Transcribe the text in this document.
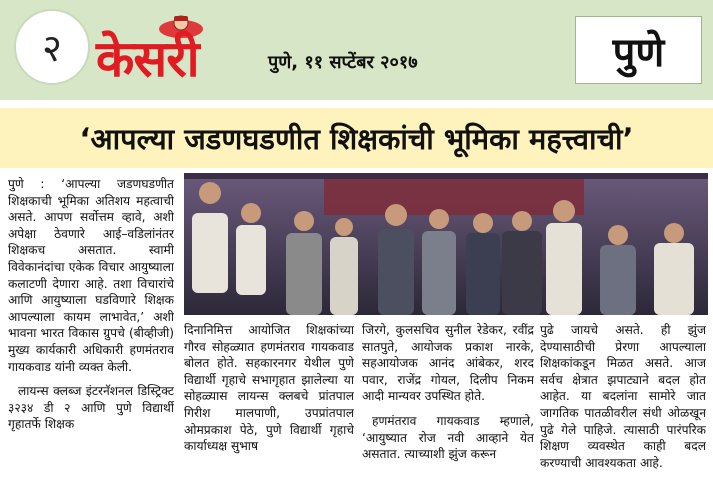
२ केसरी	पुणे, ११ सप्टेंबर २०१७	पुणे
‘आपल्या जडणघडणीत शिक्षकांची भूमिका महत्त्वाची’

पुणे : ‘आपल्या जडणघडणीत शिक्षकाची भूमिका अतिशय महत्वाची असते. आपण सर्वोत्तम व्हावे, अशी अपेक्षा ठेवणारे आई–वडिलांनंतर शिक्षकच असतात. स्वामी विवेकानंदांचा एकेक विचार आयुष्याला कलाटणी देणारा आहे. तशा विचारांचे आणि आयुष्याला घडविणारे शिक्षक आपल्याला कायम लाभावेत,’ अशी भावना भारत विकास ग्रुपचे (बीव्हीजी) मुख्य कार्यकारी अधिकारी हणमंतराव गायकवाड यांनी व्यक्त केली.

लायन्स क्लब्ज इंटरनॅशनल डिस्ट्रिक्ट ३२३४ डी २ आणि पुणे विद्यार्थी गृहातर्फे शिक्षक

दिनानिमित्त आयोजित शिक्षकांच्या गौरव सोहळ्यात हणमंतराव गायकवाड बोलत होते. सहकारनगर येथील पुणे विद्यार्थी गृहाचे सभागृहात झालेल्या या सोहळ्यास लायन्स क्लबचे प्रांतपाल गिरीश मालपाणी, उपप्रांतपाल ओमप्रकाश पेठे, पुणे विद्यार्थी गृहाचे कार्याध्यक्ष सुभाष

जिरगे, कुलसचिव सुनील रेडेकर, रवींद्र सातपुते, आयोजक प्रकाश नारके, सहआयोजक आनंद आंबेकर, शरद पवार, राजेंद्र गोयल, दिलीप निकम आदी मान्यवर उपस्थित होते.

हणमंतराव गायकवाड म्हणाले, ‘आयुष्यात रोज नवी आव्हाने येत असतात. त्याच्याशी झुंज करून

पुढे जायचे असते. ही झुंज देण्यासाठीची प्रेरणा आपल्याला शिक्षकांकडून मिळत असते. आज सर्वच क्षेत्रात झपाट्याने बदल होत आहेत. या बदलांना सामोरे जात जागतिक पातळीवरील संधी ओळखून पुढे गेले पाहिजे. त्यासाठी पारंपरिक शिक्षण व्यवस्थेत काही बदल करण्याची आवश्यकता आहे.
